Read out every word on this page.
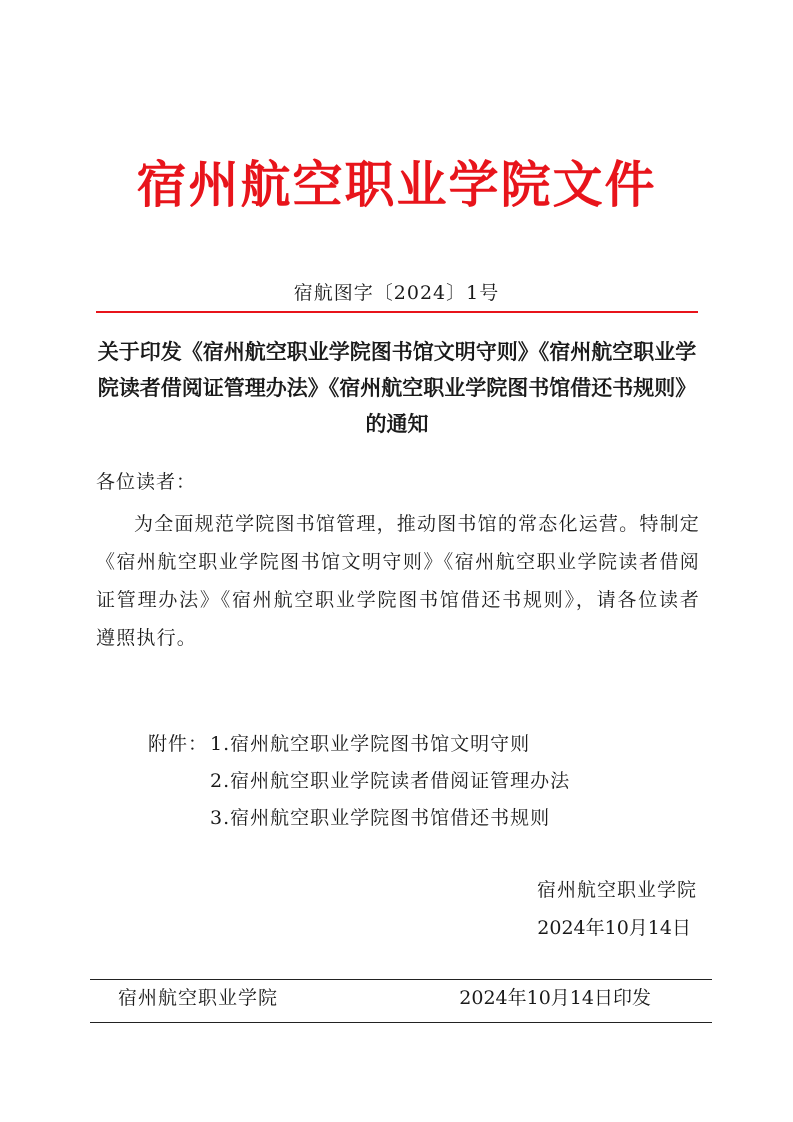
宿州航空职业学院文件
宿航图字〔2024〕1号
关于印发《宿州航空职业学院图书馆文明守则》《宿州航空职业学院读者借阅证管理办法》《宿州航空职业学院图书馆借还书规则》的通知
各位读者：
为全面规范学院图书馆管理，推动图书馆的常态化运营。特制定《宿州航空职业学院图书馆文明守则》《宿州航空职业学院读者借阅证管理办法》《宿州航空职业学院图书馆借还书规则》，请各位读者遵照执行。
附件： 1.宿州航空职业学院图书馆文明守则
2.宿州航空职业学院读者借阅证管理办法
3.宿州航空职业学院图书馆借还书规则
宿州航空职业学院
2024年10月14日
宿州航空职业学院	2024年10月14日印发
